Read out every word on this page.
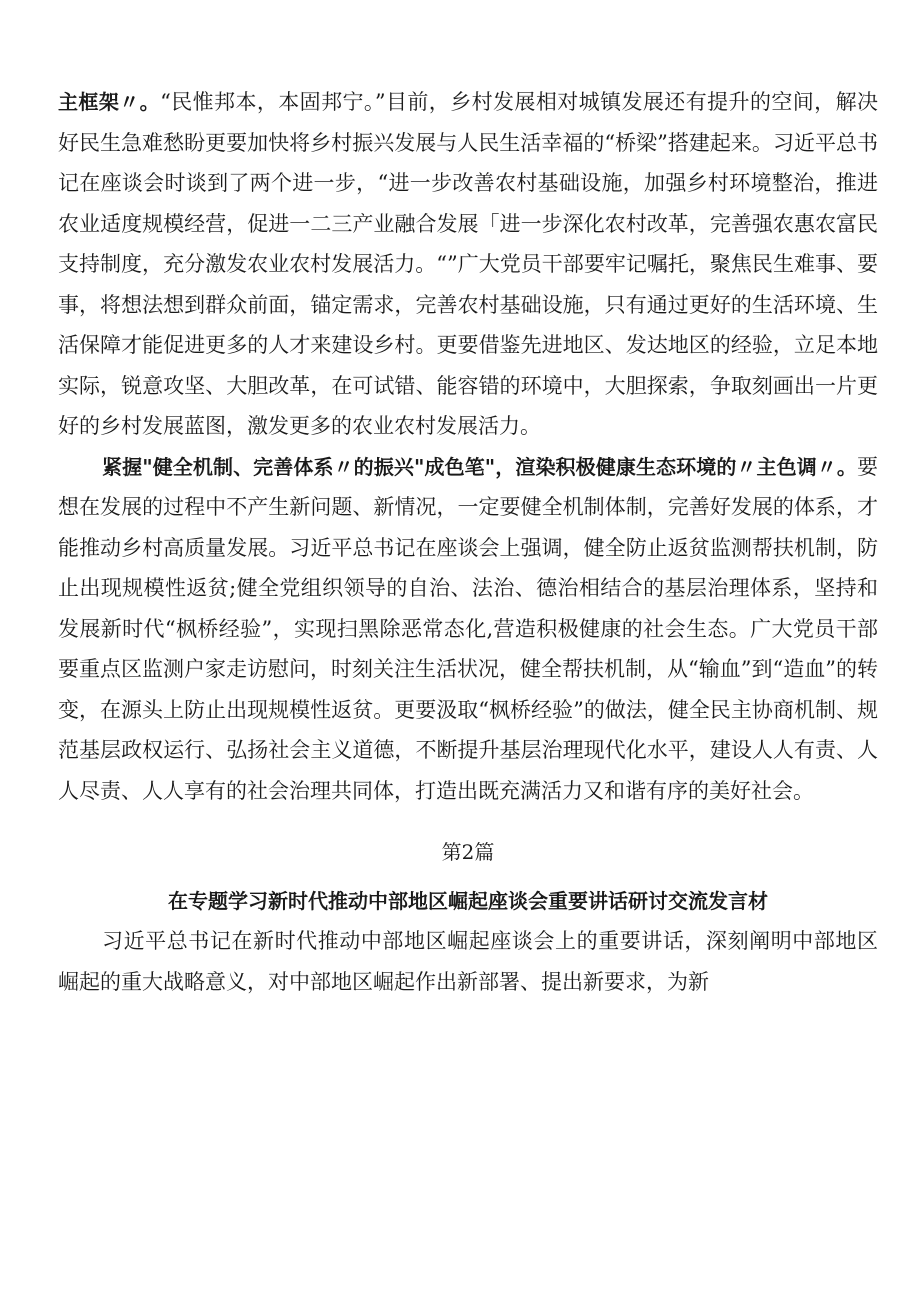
主框架〃。“民惟邦本，本固邦宁。”目前，乡村发展相对城镇发展还有提升的空间，解决好民生急难愁盼更要加快将乡村振兴发展与人民生活幸福的“桥梁”搭建起来。习近平总书记在座谈会时谈到了两个进一步，“进一步改善农村基础设施，加强乡村环境整治，推进农业适度规模经营，促进一二三产业融合发展「进一步深化农村改革，完善强农惠农富民支持制度，充分激发农业农村发展活力。“”广大党员干部要牢记嘱托，聚焦民生难事、要事，将想法想到群众前面，锚定需求，完善农村基础设施，只有通过更好的生活环境、生活保障才能促进更多的人才来建设乡村。更要借鉴先进地区、发达地区的经验，立足本地实际，锐意攻坚、大胆改革，在可试错、能容错的环境中，大胆探索，争取刻画出一片更好的乡村发展蓝图，激发更多的农业农村发展活力。

紧握"健全机制、完善体系〃的振兴"成色笔"，渲染积极健康生态环境的〃主色调〃。要想在发展的过程中不产生新问题、新情况，一定要健全机制体制，完善好发展的体系，才能推动乡村高质量发展。习近平总书记在座谈会上强调，健全防止返贫监测帮扶机制，防止出现规模性返贫;健全党组织领导的自治、法治、德治相结合的基层治理体系，坚持和发展新时代“枫桥经验”，实现扫黑除恶常态化,营造积极健康的社会生态。广大党员干部要重点区监测户家走访慰问，时刻关注生活状况，健全帮扶机制，从“输血”到“造血”的转变，在源头上防止出现规模性返贫。更要汲取“枫桥经验”的做法，健全民主协商机制、规范基层政权运行、弘扬社会主义道德，不断提升基层治理现代化水平，建设人人有责、人人尽责、人人享有的社会治理共同体，打造出既充满活力又和谐有序的美好社会。

第2篇

在专题学习新时代推动中部地区崛起座谈会重要讲话研讨交流发言材

习近平总书记在新时代推动中部地区崛起座谈会上的重要讲话，深刻阐明中部地区崛起的重大战略意义，对中部地区崛起作出新部署、提出新要求，为新
